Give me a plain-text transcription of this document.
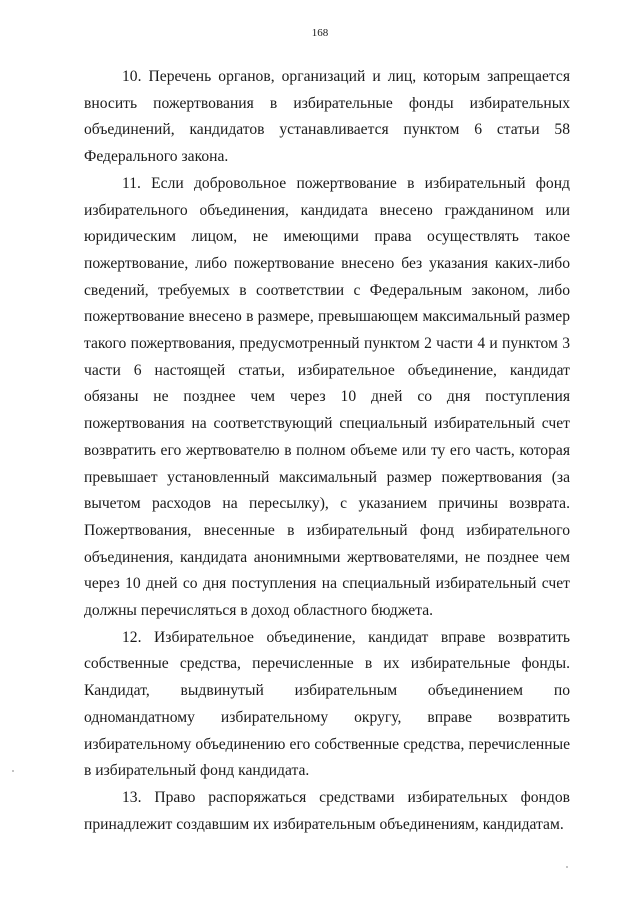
168

10. Перечень органов, организаций и лиц, которым запрещается вносить пожертвования в избирательные фонды избирательных объединений, кандидатов устанавливается пунктом 6 статьи 58 Федерального закона.

11. Если добровольное пожертвование в избирательный фонд избирательного объединения, кандидата внесено гражданином или юридическим лицом, не имеющими права осуществлять такое пожертвование, либо пожертвование внесено без указания каких-либо сведений, требуемых в соответствии с Федеральным законом, либо пожертвование внесено в размере, превышающем максимальный размер такого пожертвования, предусмотренный пунктом 2 части 4 и пунктом 3 части 6 настоящей статьи, избирательное объединение, кандидат обязаны не позднее чем через 10 дней со дня поступления пожертвования на соответствующий специальный избирательный счет возвратить его жертвователю в полном объеме или ту его часть, которая превышает установленный максимальный размер пожертвования (за вычетом расходов на пересылку), с указанием причины возврата. Пожертвования, внесенные в избирательный фонд избирательного объединения, кандидата анонимными жертвователями, не позднее чем через 10 дней со дня поступления на специальный избирательный счет должны перечисляться в доход областного бюджета.

12. Избирательное объединение, кандидат вправе возвратить собственные средства, перечисленные в их избирательные фонды. Кандидат, выдвинутый избирательным объединением по одномандатному избирательному округу, вправе возвратить избирательному объединению его собственные средства, перечисленные в избирательный фонд кандидата.

13. Право распоряжаться средствами избирательных фондов принадлежит создавшим их избирательным объединениям, кандидатам.
